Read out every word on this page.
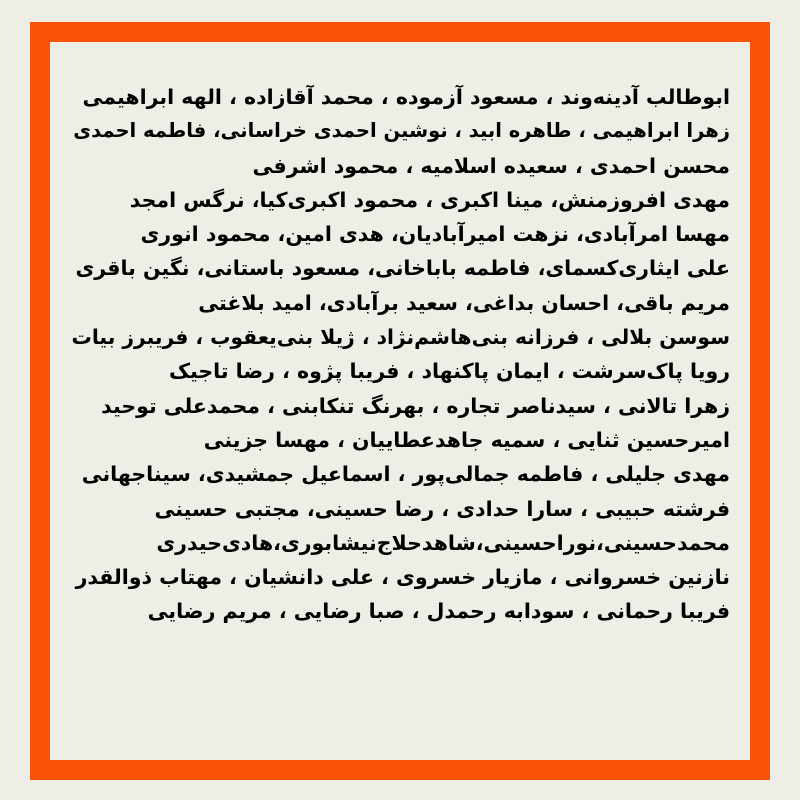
ابوطالب آدینه‌وند ، مسعود آزموده ، محمد آقازاده ، الهه ابراهیمی
زهرا ابراهیمی ، طاهره ابید ، نوشین احمدی خراسانی، فاطمه احمدی
محسن احمدی ، سعیده اسلامیه ، محمود اشرفی
مهدی افروزمنش، مینا اکبری ، محمود اکبری‌کیا، نرگس امجد
مهسا امرآبادی، نزهت امیرآبادیان، هدی امین، محمود انوری
علی ایثاری‌کسمای، فاطمه باباخانی، مسعود باستانی، نگین باقری
مریم باقی، احسان بداغی، سعید برآبادی، امید بلاغتی
سوسن بلالی ، فرزانه بنی‌هاشم‌نژاد ، ژیلا بنی‌یعقوب ، فریبرز بیات
رویا پاک‌سرشت ، ایمان پاکنهاد ، فریبا پژوه ، رضا تاجیک
زهرا تالانی ، سیدناصر تجاره ، بهرنگ تنکابنی ، محمدعلی توحید
امیرحسین ثنایی ، سمیه جاهدعطاییان ، مهسا جزینی
مهدی جلیلی ، فاطمه جمالی‌پور ، اسماعیل جمشیدی، سیناجهانی
فرشته حبیبی ، سارا حدادی ، رضا حسینی، مجتبی حسینی
محمدحسینی،نوراحسینی،شاهدحلاج‌نیشابوری،هادی‌حیدری
نازنین خسروانی ، مازیار خسروی ، علی دانشیان ، مهتاب ذوالقدر
فریبا رحمانی ، سودابه رحمدل ، صبا رضایی ، مریم رضایی
